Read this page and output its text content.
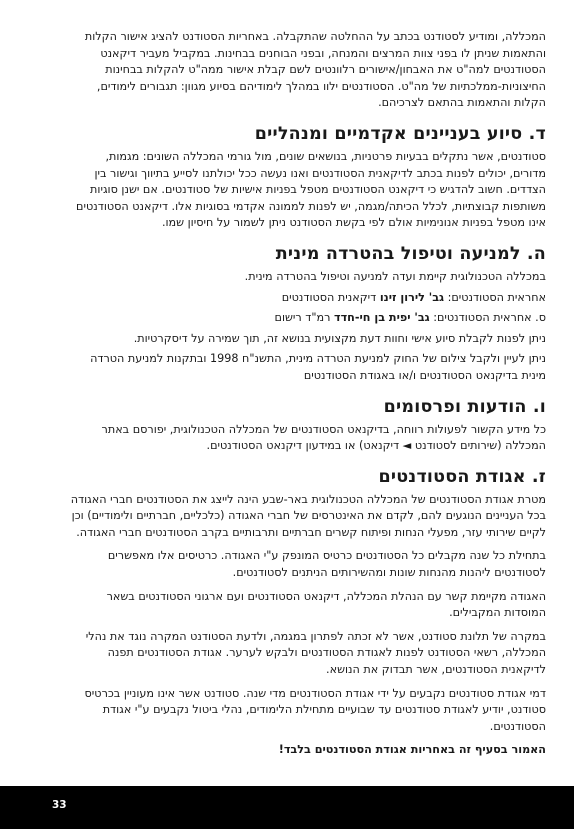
המכללה, ומודיע לסטודנט בכתב על ההחלטה שהתקבלה. באחריות הסטודנט להציג אישור הקלות והתאמות שניתן לו בפני צוות המרצים והמנחה, ובפני הבוחנים בבחינות. במקביל מעביר דיקאנט הסטודנטים למה"ט את האבחון/אישורים רלוונטים לשם קבלת אישור ממה"ט להקלות בבחינות החיצוניות-ממלכתיות של מה"ט. הסטודנטים ילוו במהלך לימודיהם בסיוע מגוון: תגבורים לימודים, הקלות והתאמות בהתאם לצרכיהם.

ד. סיוע בעניינים אקדמיים ומנהליים

סטודנטים, אשר נתקלים בבעיות פרטניות, בנושאים שונים, מול גורמי המכללה השונים: מגמות, מדורים, יכולים לפנות בכתב לדיקאנית הסטודנטים ואנו נעשה ככל יכולתנו לסייע בתיווך וגישור בין הצדדים. חשוב להדגיש כי דיקאנט הסטודנטים מטפל בפניות אישיות של סטודנטים. אם ישנן סוגיות משותפות קבוצתיות, לכלל הכיתה/מגמה, יש לפנות לממונה אקדמי בסוגיות אלו. דיקאנט הסטודנטים אינו מטפל בפניות אנונימיות אולם לפי בקשת הסטודנט ניתן לשמור על חיסיון שמו.

ה. למניעה וטיפול בהטרדה מינית

במכללה הטכנולוגית קיימת ועדה למניעה וטיפול בהטרדה מינית.

אחראית הסטודנטים: גב' לירון זינו דיקאנית הסטודנטים

ס. אחראית הסטודנטים: גב' יפית בן חי-חדד רמ"ד רישום

ניתן לפנות לקבלת סיוע אישי וחוות דעת מקצועית בנושא זה, תוך שמירה על דיסקרטיות.

ניתן לעיין ולקבל צילום של החוק למניעת הטרדה מינית, התשנ"ח 1998 ובתקנות למניעת הטרדה מינית בדיקנאט הסטודנטים ו/או באגודת הסטודנטים

ו. הודעות ופרסומים

כל מידע הקשור לפעולות רווחה, בדיקנאט הסטודנטים של המכללה הטכנולוגית, יפורסם באתר המכללה (שירותים לסטודנט ◄ דיקנאט) או במידעון דיקנאט הסטודנטים.

ז. אגודת הסטודנטים

מטרת אגודת הסטודנטים של המכללה הטכנולוגית באר-שבע הינה לייצג את הסטודנטים חברי האגודה בכל העניינים הנוגעים להם, לקדם את האינטרסים של חברי האגודה (כלכליים, חברתיים ולימודיים) וכן לקיים שירותי עזר, מפעלי הנחות ופיתוח קשרים חברתיים ותרבותיים בקרב הסטודנטים חברי האגודה.

בתחילת כל שנה מקבלים כל הסטודנטים כרטיס המונפק ע"י האגודה. כרטיסים אלו מאפשרים לסטודנטים ליהנות מהנחות שונות ומהשירותים הניתנים לסטודנטים.

האגודה מקיימת קשר עם הנהלת המכללה, דיקנאט הסטודנטים ועם ארגוני הסטודנטים בשאר המוסדות המקבילים.

במקרה של תלונת סטודנט, אשר לא זכתה לפתרון במגמה, ולדעת הסטודנט המקרה נוגד את נהלי המכללה, רשאי הסטודנט לפנות לאגודת הסטודנטים ולבקש לערער. אגודת הסטודנטים תפנה לדיקאנית הסטודנטים, אשר תבדוק את הנושא.

דמי אגודת סטודנטים נקבעים על ידי אגודת הסטודנטים מדי שנה. סטודנט אשר אינו מעוניין בכרטיס סטודנט, יודיע לאגודת סטודנטים עד שבועיים מתחילת הלימודים, נהלי ביטול נקבעים ע"י אגודת הסטודנטים.

האמור בסעיף זה באחריות אגודת הסטודנטים בלבד!

33
